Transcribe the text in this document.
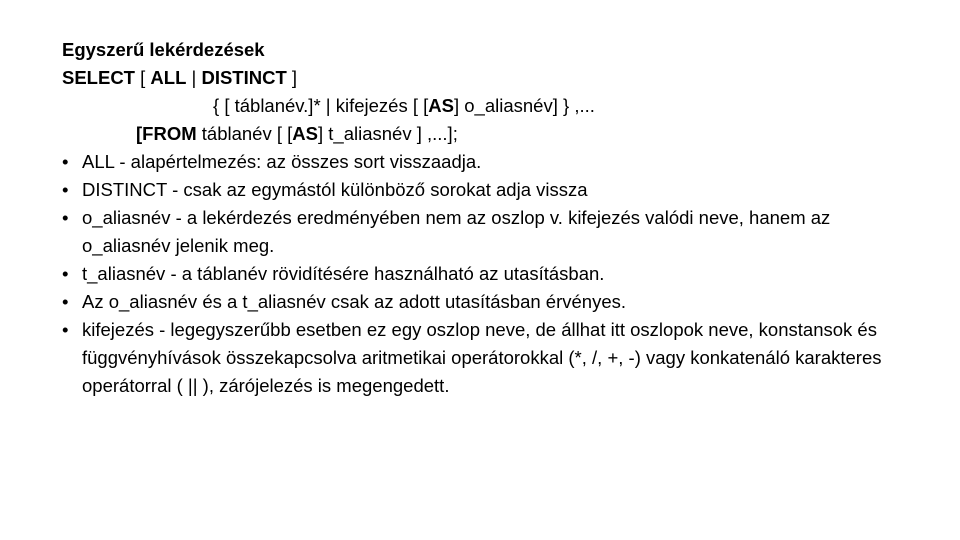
Egyszerű lekérdezések
SELECT [ ALL | DISTINCT ]
{ [ táblanév.]* | kifejezés [ [AS] o_aliasnév] } ,...
[FROM táblanév [ [AS] t_aliasnév ] ,...];
• ALL - alapértelmezés: az összes sort visszaadja.
• DISTINCT - csak az egymástól különböző sorokat adja vissza
• o_aliasnév - a lekérdezés eredményében nem az oszlop v. kifejezés valódi neve, hanem az o_aliasnév jelenik meg.
• t_aliasnév - a táblanév rövidítésére használható az utasításban.
• Az o_aliasnév és a t_aliasnév csak az adott utasításban érvényes.
• kifejezés - legegyszerűbb esetben ez egy oszlop neve, de állhat itt oszlopok neve, konstansok és függvényhívások összekapcsolva aritmetikai operátorokkal (*, /, +, -) vagy konkatenáló karakteres operátorral ( || ), zárójelezés is megengedett.
